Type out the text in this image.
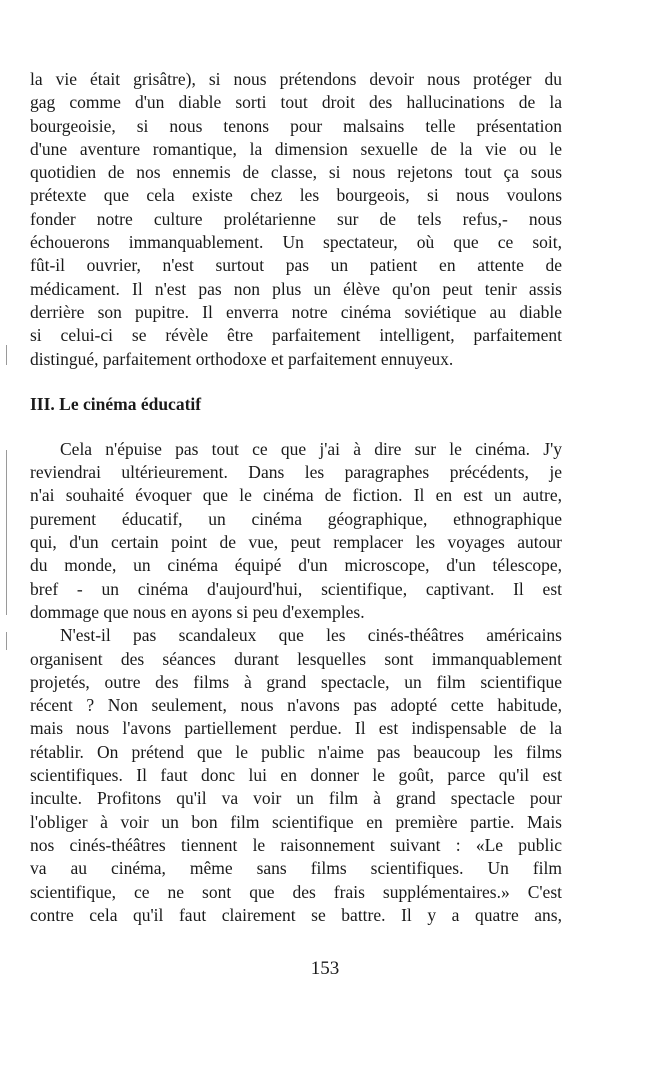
la vie était grisâtre), si nous prétendons devoir nous protéger du
gag comme d'un diable sorti tout droit des hallucinations de la
bourgeoisie, si nous tenons pour malsains telle présentation
d'une aventure romantique, la dimension sexuelle de la vie ou le
quotidien de nos ennemis de classe, si nous rejetons tout ça sous
prétexte que cela existe chez les bourgeois, si nous voulons
fonder notre culture prolétarienne sur de tels refus,- nous
échouerons immanquablement. Un spectateur, où que ce soit,
fût-il ouvrier, n'est surtout pas un patient en attente de
médicament. Il n'est pas non plus un élève qu'on peut tenir assis
derrière son pupitre. Il enverra notre cinéma soviétique au diable
si celui-ci se révèle être parfaitement intelligent, parfaitement
distingué, parfaitement orthodoxe et parfaitement ennuyeux.
III. Le cinéma éducatif
Cela n'épuise pas tout ce que j'ai à dire sur le cinéma. J'y
reviendrai ultérieurement. Dans les paragraphes précédents, je
n'ai souhaité évoquer que le cinéma de fiction. Il en est un autre,
purement éducatif, un cinéma géographique, ethnographique
qui, d'un certain point de vue, peut remplacer les voyages autour
du monde, un cinéma équipé d'un microscope, d'un télescope,
bref - un cinéma d'aujourd'hui, scientifique, captivant. Il est
dommage que nous en ayons si peu d'exemples.
N'est-il pas scandaleux que les cinés-théâtres américains
organisent des séances durant lesquelles sont immanquablement
projetés, outre des films à grand spectacle, un film scientifique
récent ? Non seulement, nous n'avons pas adopté cette habitude,
mais nous l'avons partiellement perdue. Il est indispensable de la
rétablir. On prétend que le public n'aime pas beaucoup les films
scientifiques. Il faut donc lui en donner le goût, parce qu'il est
inculte. Profitons qu'il va voir un film à grand spectacle pour
l'obliger à voir un bon film scientifique en première partie. Mais
nos cinés-théâtres tiennent le raisonnement suivant : «Le public
va au cinéma, même sans films scientifiques. Un film
scientifique, ce ne sont que des frais supplémentaires.» C'est
contre cela qu'il faut clairement se battre. Il y a quatre ans,
153
